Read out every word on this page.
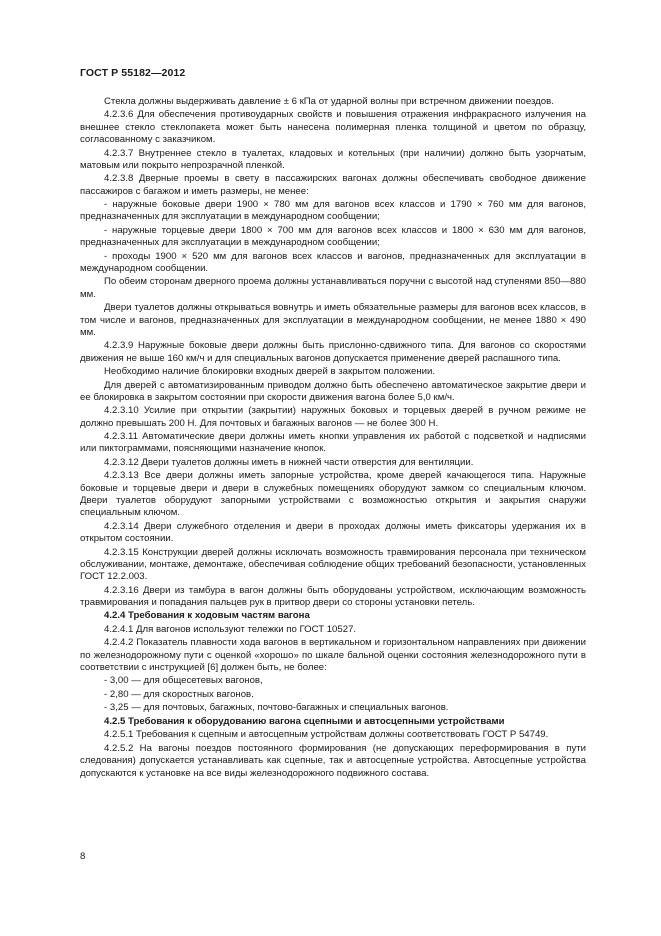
ГОСТ Р 55182—2012

Стекла должны выдерживать давление ± 6 кПа от ударной волны при встречном движении поездов.

4.2.3.6 Для обеспечения противоударных свойств и повышения отражения инфракрасного излучения на внешнее стекло стеклопакета может быть нанесена полимерная пленка толщиной и цветом по образцу, согласованному с заказчиком.

4.2.3.7 Внутреннее стекло в туалетах, кладовых и котельных (при наличии) должно быть узорчатым, матовым или покрыто непрозрачной пленкой.

4.2.3.8 Дверные проемы в свету в пассажирских вагонах должны обеспечивать свободное движение пассажиров с багажом и иметь размеры, не менее:

- наружные боковые двери 1900 × 780 мм для вагонов всех классов и 1790 × 760 мм для вагонов, предназначенных для эксплуатации в международном сообщении;

- наружные торцевые двери 1800 × 700 мм для вагонов всех классов и 1800 × 630 мм для вагонов, предназначенных для эксплуатации в международном сообщении;

- проходы 1900 × 520 мм для вагонов всех классов и вагонов, предназначенных для эксплуатации в международном сообщении.

По обеим сторонам дверного проема должны устанавливаться поручни с высотой над ступенями 850—880 мм.

Двери туалетов должны открываться вовнутрь и иметь обязательные размеры для вагонов всех классов, в том числе и вагонов, предназначенных для эксплуатации в международном сообщении, не менее 1880 × 490 мм.

4.2.3.9 Наружные боковые двери должны быть прислонно-сдвижного типа. Для вагонов со скоростями движения не выше 160 км/ч и для специальных вагонов допускается применение дверей распашного типа.

Необходимо наличие блокировки входных дверей в закрытом положении.

Для дверей с автоматизированным приводом должно быть обеспечено автоматическое закрытие двери и ее блокировка в закрытом состоянии при скорости движения вагона более 5,0 км/ч.

4.2.3.10 Усилие при открытии (закрытии) наружных боковых и торцевых дверей в ручном режиме не должно превышать 200 Н. Для почтовых и багажных вагонов — не более 300 Н.

4.2.3.11 Автоматические двери должны иметь кнопки управления их работой с подсветкой и надписями или пиктограммами, поясняющими назначение кнопок.

4.2.3.12 Двери туалетов должны иметь в нижней части отверстия для вентиляции.

4.2.3.13 Все двери должны иметь запорные устройства, кроме дверей качающегося типа. Наружные боковые и торцевые двери и двери в служебных помещениях оборудуют замком со специальным ключом. Двери туалетов оборудуют запорными устройствами с возможностью открытия и закрытия снаружи специальным ключом.

4.2.3.14 Двери служебного отделения и двери в проходах должны иметь фиксаторы удержания их в открытом состоянии.

4.2.3.15 Конструкции дверей должны исключать возможность травмирования персонала при техническом обслуживании, монтаже, демонтаже, обеспечивая соблюдение общих требований безопасности, установленных ГОСТ 12.2.003.

4.2.3.16 Двери из тамбура в вагон должны быть оборудованы устройством, исключающим возможность травмирования и попадания пальцев рук в притвор двери со стороны установки петель.

4.2.4 Требования к ходовым частям вагона

4.2.4.1 Для вагонов используют тележки по ГОСТ 10527.

4.2.4.2 Показатель плавности хода вагонов в вертикальном и горизонтальном направлениях при движении по железнодорожному пути с оценкой «хорошо» по шкале бальной оценки состояния железнодорожного пути в соответствии с инструкцией [6] должен быть, не более:

- 3,00 — для общесетевых вагонов,

- 2,80 — для скоростных вагонов.

- 3,25 — для почтовых, багажных, почтово-багажных и специальных вагонов.

4.2.5 Требования к оборудованию вагона сцепными и автосцепными устройствами

4.2.5.1 Требования к сцепным и автосцепным устройствам должны соответствовать ГОСТ Р 54749.

4.2.5.2 На вагоны поездов постоянного формирования (не допускающих переформирования в пути следования) допускается устанавливать как сцепные, так и автосцепные устройства. Автосцепные устройства допускаются к установке на все виды железнодорожного подвижного состава.

8
